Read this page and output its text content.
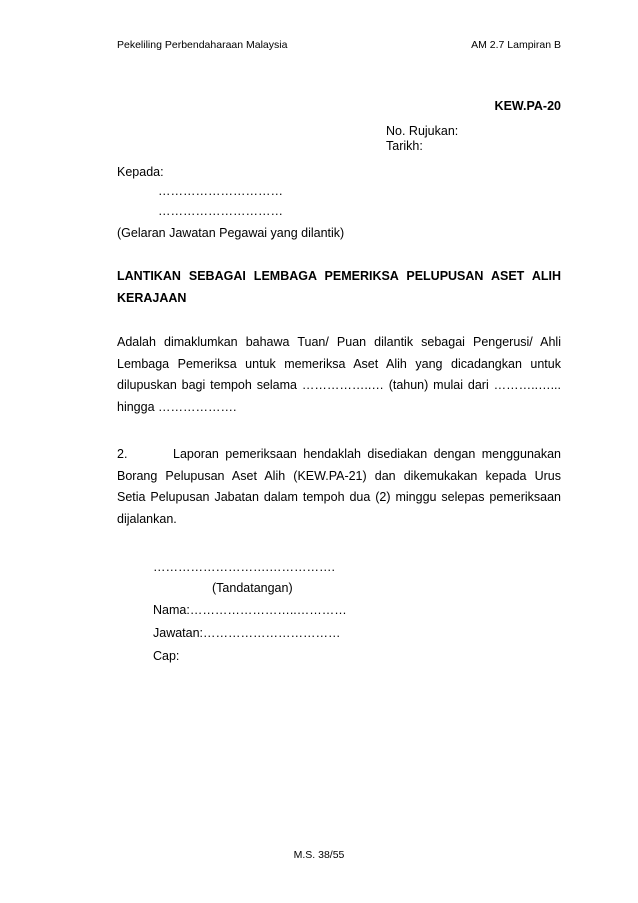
Pekeliling Perbendaharaan Malaysia	AM 2.7 Lampiran B
KEW.PA-20
No. Rujukan:
Tarikh:
Kepada:
…………………………
…………………………
(Gelaran Jawatan Pegawai yang dilantik)
LANTIKAN SEBAGAI LEMBAGA PEMERIKSA PELUPUSAN ASET ALIH
KERAJAAN
Adalah dimaklumkan bahawa Tuan/ Puan dilantik sebagai Pengerusi/ Ahli
Lembaga Pemeriksa untuk memeriksa Aset Alih yang dicadangkan untuk
dilupuskan bagi tempoh selama ……………..… (tahun) mulai dari ………..…...
hingga ……………….
2.	Laporan pemeriksaan hendaklah disediakan dengan menggunakan
Borang Pelupusan Aset Alih (KEW.PA-21) dan dikemukakan kepada Urus
Setia Pelupusan Jabatan dalam tempoh dua (2) minggu selepas pemeriksaan
dijalankan.
……………………….…………….
(Tandatangan)
Nama:……………………..…………
Jawatan:……………………………
Cap:
M.S. 38/55
